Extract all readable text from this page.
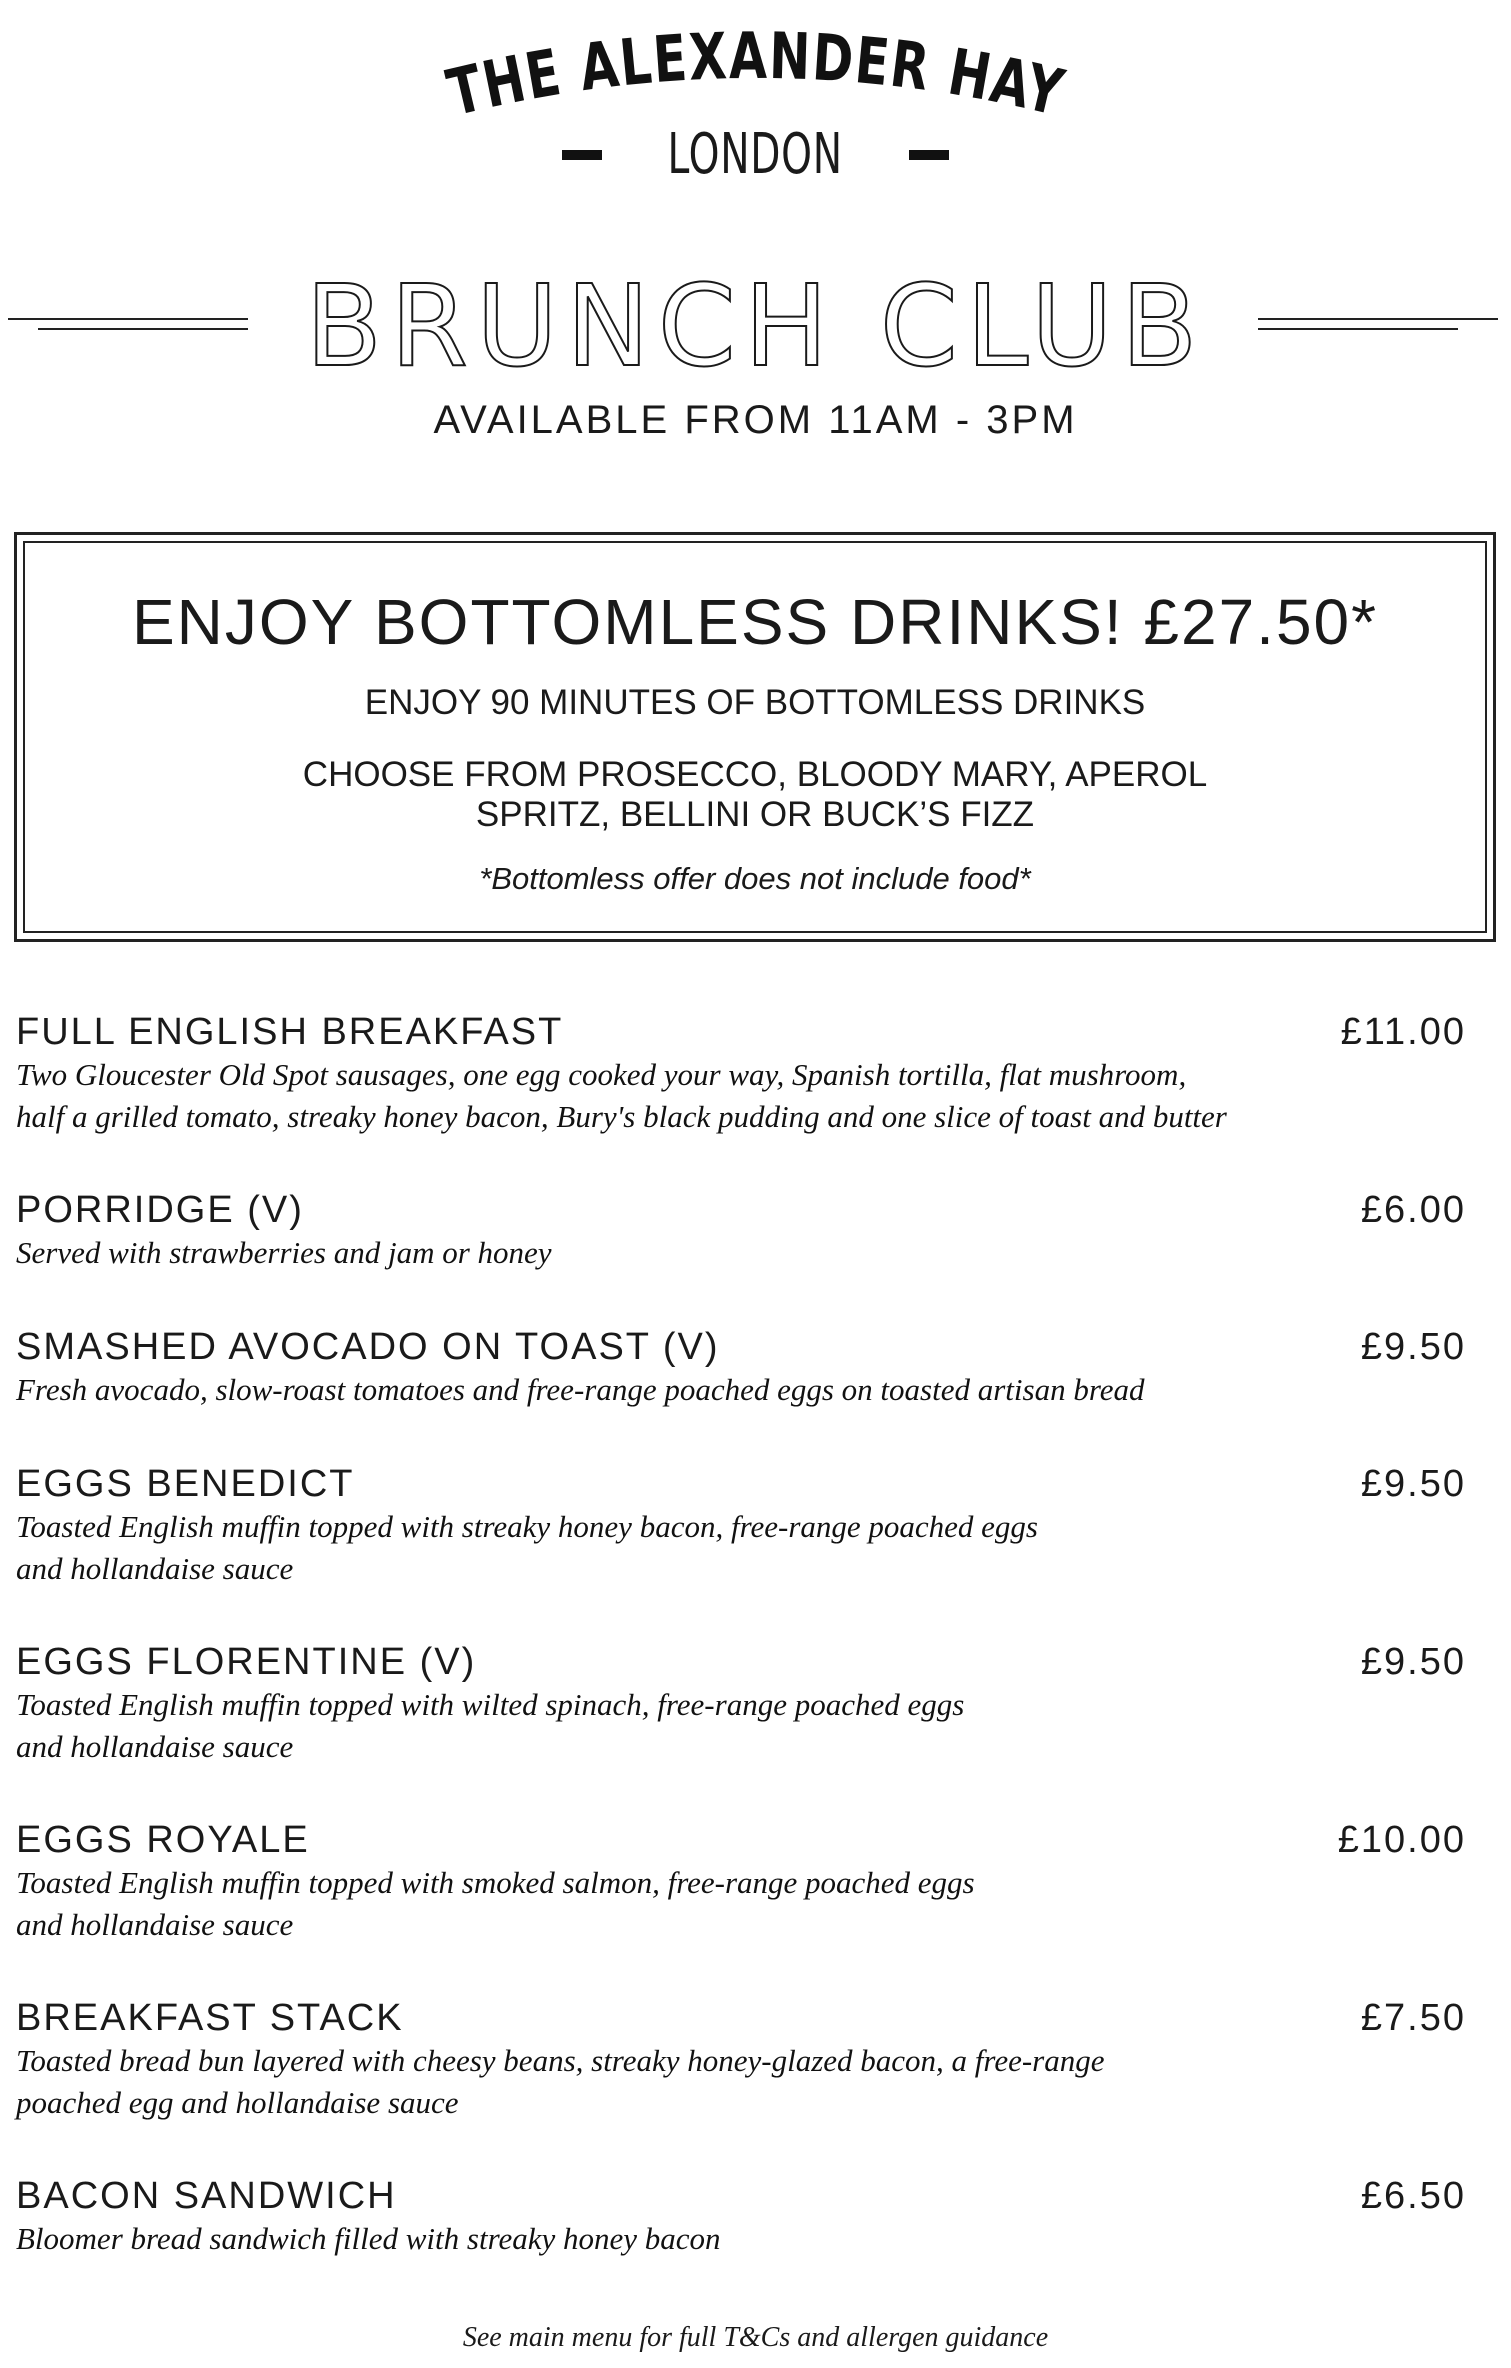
THE ALEXANDER HAY
LONDON
BRUNCH CLUB
AVAILABLE FROM 11AM - 3PM
ENJOY BOTTOMLESS DRINKS! £27.50*
ENJOY 90 MINUTES OF BOTTOMLESS DRINKS
CHOOSE FROM PROSECCO, BLOODY MARY, APEROL
SPRITZ, BELLINI OR BUCK’S FIZZ
*Bottomless offer does not include food*
FULL ENGLISH BREAKFAST	£11.00
Two Gloucester Old Spot sausages, one egg cooked your way, Spanish tortilla, flat mushroom,
half a grilled tomato, streaky honey bacon, Bury's black pudding and one slice of toast and butter
PORRIDGE (V)	£6.00
Served with strawberries and jam or honey
SMASHED AVOCADO ON TOAST (V)	£9.50
Fresh avocado, slow-roast tomatoes and free-range poached eggs on toasted artisan bread
EGGS BENEDICT	£9.50
Toasted English muffin topped with streaky honey bacon, free-range poached eggs
and hollandaise sauce
EGGS FLORENTINE (V)	£9.50
Toasted English muffin topped with wilted spinach, free-range poached eggs
and hollandaise sauce
EGGS ROYALE	£10.00
Toasted English muffin topped with smoked salmon, free-range poached eggs
and hollandaise sauce
BREAKFAST STACK	£7.50
Toasted bread bun layered with cheesy beans, streaky honey-glazed bacon, a free-range
poached egg and hollandaise sauce
BACON SANDWICH	£6.50
Bloomer bread sandwich filled with streaky honey bacon
See main menu for full T&Cs and allergen guidance
